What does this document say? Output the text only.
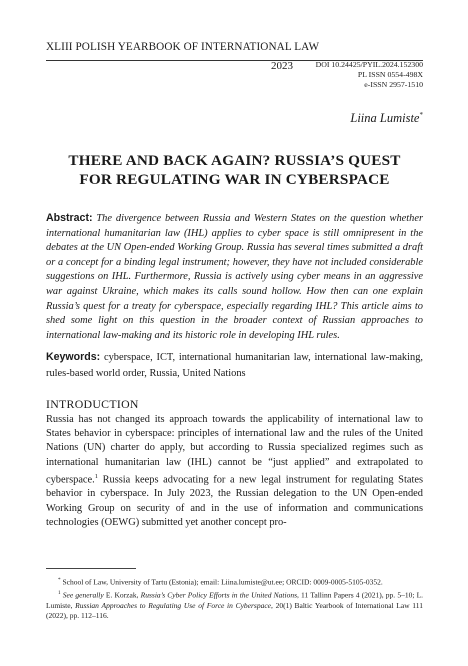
XLIII POLISH YEARBOOK OF INTERNATIONAL LAW
2023	DOI 10.24425/PYIL.2024.152300
PL ISSN 0554-498X
e-ISSN 2957-1510
Liina Lumiste*
THERE AND BACK AGAIN? RUSSIA’S QUEST
FOR REGULATING WAR IN CYBERSPACE
Abstract: The divergence between Russia and Western States on the question whether international humanitarian law (IHL) applies to cyber space is still omnipresent in the debates at the UN Open-ended Working Group. Russia has several times submitted a draft or a concept for a binding legal instrument; however, they have not included considerable suggestions on IHL. Furthermore, Russia is actively using cyber means in an aggressive war against Ukraine, which makes its calls sound hollow. How then can one explain Russia’s quest for a treaty for cyberspace, especially regarding IHL? This article aims to shed some light on this question in the broader context of Russian approaches to international law-making and its historic role in developing IHL rules.
Keywords: cyberspace, ICT, international humanitarian law, international law-making, rules-based world order, Russia, United Nations
INTRODUCTION
Russia has not changed its approach towards the applicability of international law to States behavior in cyberspace: principles of international law and the rules of the United Nations (UN) charter do apply, but according to Russia specialized regimes such as international humanitarian law (IHL) cannot be “just applied” and extrapolated to cyberspace.$^1$ Russia keeps advocating for a new legal instrument for regulating States behavior in cyberspace. In July 2023, the Russian delegation to the UN Open-ended Working Group on security of and in the use of information and communications technologies (OEWG) submitted yet another concept pro-
* School of Law, University of Tartu (Estonia); email: Liina.lumiste@ut.ee; ORCID: 0009-0005-5105-0352.
$^1$ See generally E. Korzak, Russia’s Cyber Policy Efforts in the United Nations, 11 Tallinn Papers 4 (2021), pp. 5–10; L. Lumiste, Russian Approaches to Regulating Use of Force in Cyberspace, 20(1) Baltic Yearbook of International Law 111 (2022), pp. 112–116.
